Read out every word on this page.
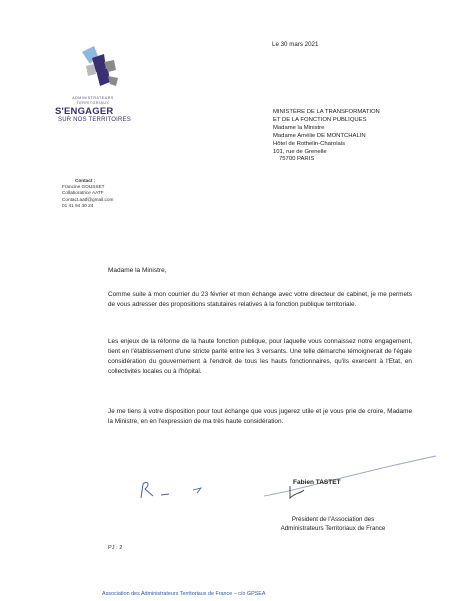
ADMINISTRATEURS
TERRITORIAUX
S'ENGAGER
SUR NOS TERRITOIRES
Le 30 mars 2021
MINISTÈRE DE LA TRANSFORMATION
ET DE LA FONCTION PUBLIQUES
Madame la Ministre
Madame Amélie DE MONTCHALIN
Hôtel de Rothelin-Charolais
101, rue de Grenelle
75700 PARIS
Contact :
Francine GOUSSET
Collaboratrice AATF
Contact.aatf@gmail.com
01 41 94 30 24
Madame la Ministre,
Comme suite à mon courrier du 23 février et mon échange avec votre directeur de cabinet, je me permets de vous adresser des propositions statutaires relatives à la fonction publique territoriale.
Les enjeux de la réforme de la haute fonction publique, pour laquelle vous connaissez notre engagement, tient en l'établissement d'une stricte parité entre les 3 versants. Une telle démarche témoignerait de l'égale considération du gouvernement à l'endroit de tous les hauts fonctionnaires, qu'ils exercent à l'Etat, en collectivités locales ou à l'hôpital.
Je me tiens à votre disposition pour tout échange que vous jugerez utile et je vous prie de croire, Madame la Ministre, en en l'expression de ma très haute considération.
Fabien TASTET
Président de l'Association des
Administrateurs Territoriaux de France
PJ : 2
Association des Administrateurs Territoriaux de France – c/o GPSEA
